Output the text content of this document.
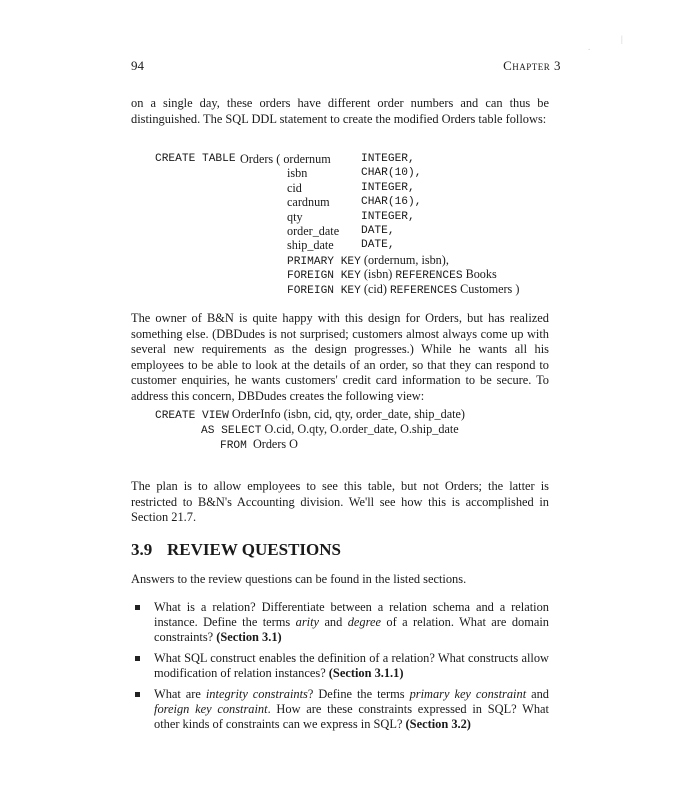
94	Chapter 3
|
.
on a single day, these orders have different order numbers and can thus be distinguished. The SQL DDL statement to create the modified Orders table follows:
CREATE TABLE Orders ( ordernum	INTEGER,
isbn	CHAR(10),
cid	INTEGER,
cardnum	CHAR(16),
qty	INTEGER,
order_date DATE,
ship_date DATE,
PRIMARY KEY (ordernum, isbn),
FOREIGN KEY (isbn) REFERENCES Books
FOREIGN KEY (cid) REFERENCES Customers )
The owner of B&N is quite happy with this design for Orders, but has realized something else. (DBDudes is not surprised; customers almost always come up with several new requirements as the design progresses.) While he wants all his employees to be able to look at the details of an order, so that they can respond to customer enquiries, he wants customers' credit card information to be secure. To address this concern, DBDudes creates the following view:
CREATE VIEW OrderInfo (isbn, cid, qty, order_date, ship_date)
AS SELECT O.cid, O.qty, O.order_date, O.ship_date
FROM Orders O
The plan is to allow employees to see this table, but not Orders; the latter is restricted to B&N's Accounting division. We'll see how this is accomplished in Section 21.7.
3.9 REVIEW QUESTIONS
Answers to the review questions can be found in the listed sections.
What is a relation? Differentiate between a relation schema and a relation instance. Define the terms arity and degree of a relation. What are domain constraints? (Section 3.1)
What SQL construct enables the definition of a relation? What constructs allow modification of relation instances? (Section 3.1.1)
What are integrity constraints? Define the terms primary key constraint and foreign key constraint. How are these constraints expressed in SQL? What other kinds of constraints can we express in SQL? (Section 3.2)
